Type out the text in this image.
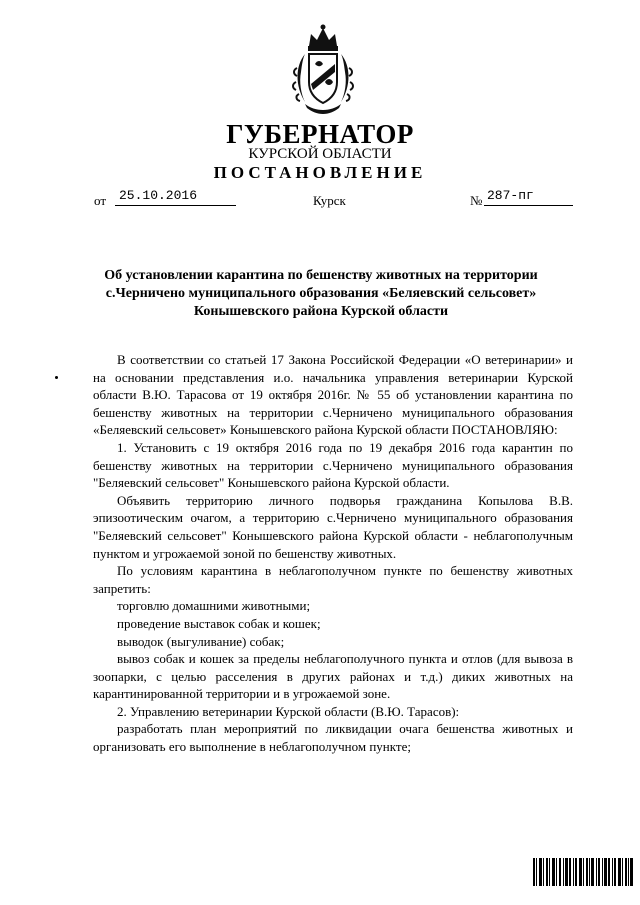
ГУБЕРНАТОР
КУРСКОЙ ОБЛАСТИ
ПОСТАНОВЛЕНИЕ
от 25.10.2016	Курск	№ 287-пг
Об установлении карантина по бешенству животных на территории
с.Черничено муниципального образования «Беляевский сельсовет»
Конышевского района Курской области

В соответствии со статьей 17 Закона Российской Федерации «О ветеринарии» и на основании представления и.о. начальника управления ветеринарии Курской области В.Ю. Тарасова от 19 октября 2016г. № 55 об установлении карантина по бешенству животных на территории с.Черничено муниципального образования «Беляевский сельсовет» Конышевского района Курской области ПОСТАНОВЛЯЮ:

1. Установить с 19 октября 2016 года по 19 декабря 2016 года карантин по бешенству животных на территории с.Черничено муниципального образования "Беляевский сельсовет" Конышевского района Курской области.

Объявить территорию личного подворья гражданина Копылова В.В. эпизоотическим очагом, а территорию с.Черничено муниципального образования "Беляевский сельсовет" Конышевского района Курской области - неблагополучным пунктом и угрожаемой зоной по бешенству животных.

По условиям карантина в неблагополучном пункте по бешенству животных запретить:

торговлю домашними животными;

проведение выставок собак и кошек;

выводок (выгуливание) собак;

вывоз собак и кошек за пределы неблагополучного пункта и отлов (для вывоза в зоопарки, с целью расселения в других районах и т.д.) диких животных на карантинированной территории и в угрожаемой зоне.

2. Управлению ветеринарии Курской области (В.Ю. Тарасов):

разработать план мероприятий по ликвидации очага бешенства животных и организовать его выполнение в неблагополучном пункте;
